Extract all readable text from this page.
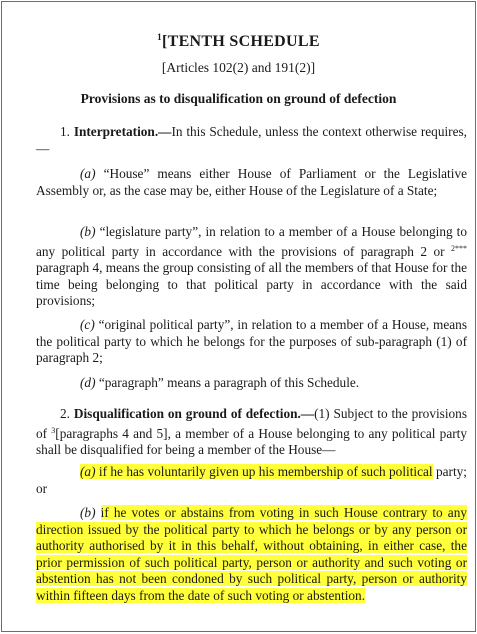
$^1$[TENTH SCHEDULE
[Articles 102(2) and 191(2)]
Provisions as to disqualification on ground of defection
1. Interpretation.—In this Schedule, unless the context otherwise requires,—
(a) “House” means either House of Parliament or the Legislative Assembly or, as the case may be, either House of the Legislature of a State;
(b) “legislature party”, in relation to a member of a House belonging to any political party in accordance with the provisions of paragraph 2 or $^{2***}$ paragraph 4, means the group consisting of all the members of that House for the time being belonging to that political party in accordance with the said provisions;
(c) “original political party”, in relation to a member of a House, means the political party to which he belongs for the purposes of sub-paragraph (1) of paragraph 2;
(d) “paragraph” means a paragraph of this Schedule.
2. Disqualification on ground of defection.—(1) Subject to the provisions of $^3$[paragraphs 4 and 5], a member of a House belonging to any political party shall be disqualified for being a member of the House—
(a) if he has voluntarily given up his membership of such political party; or
(b) if he votes or abstains from voting in such House contrary to any direction issued by the political party to which he belongs or by any person or authority authorised by it in this behalf, without obtaining, in either case, the prior permission of such political party, person or authority and such voting or abstention has not been condoned by such political party, person or authority within fifteen days from the date of such voting or abstention.
